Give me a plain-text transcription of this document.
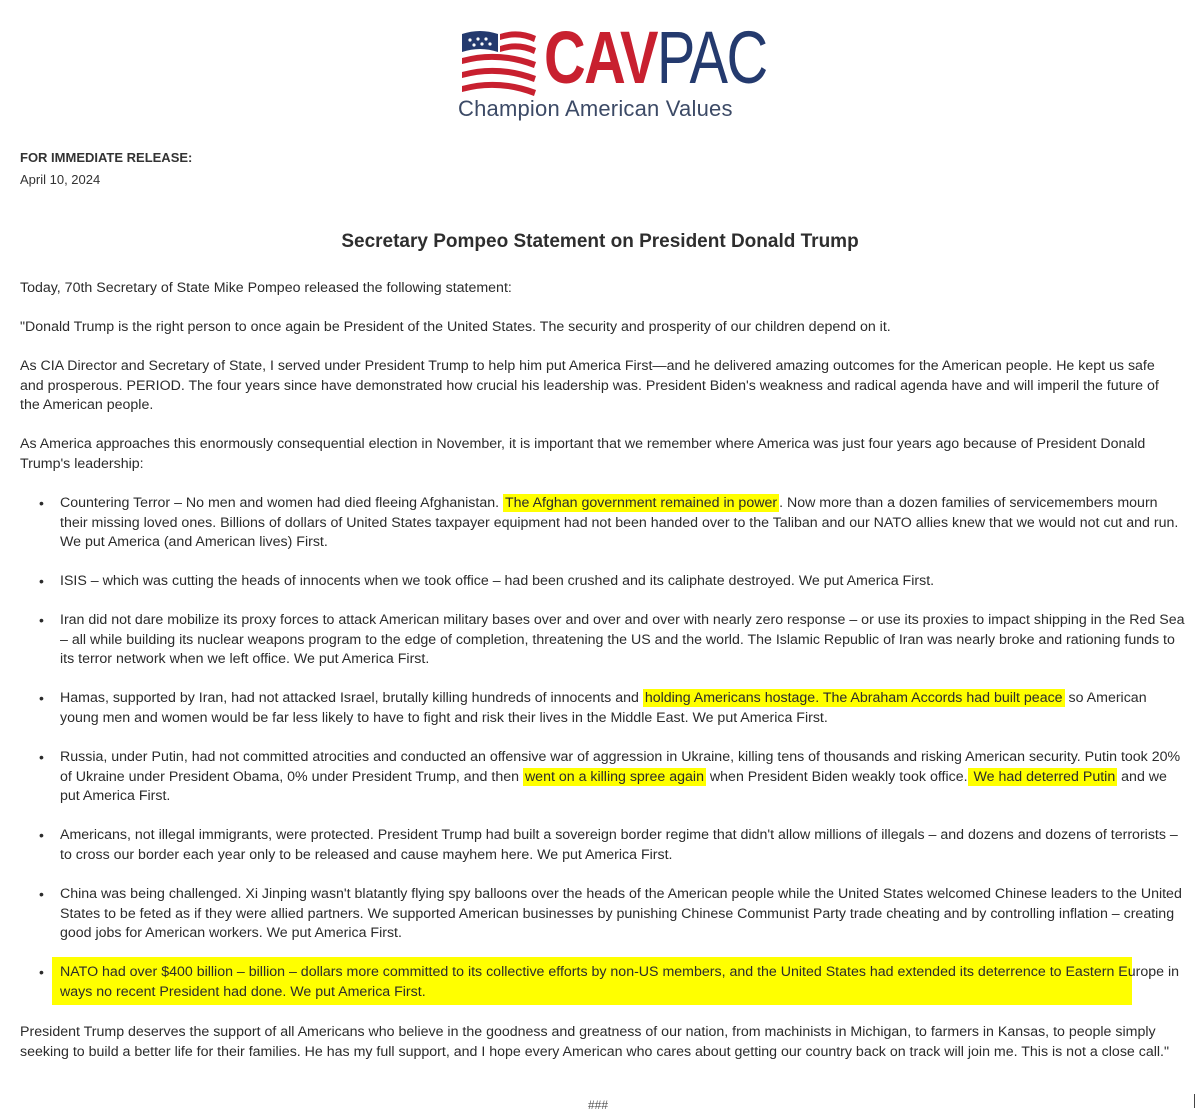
CAVPAC
Champion American Values
FOR IMMEDIATE RELEASE:
April 10, 2024
Secretary Pompeo Statement on President Donald Trump

Today, 70th Secretary of State Mike Pompeo released the following statement:

"Donald Trump is the right person to once again be President of the United States. The security and prosperity of our children depend on it.

As CIA Director and Secretary of State, I served under President Trump to help him put America First—and he delivered amazing outcomes for the American people. He kept us safe and prosperous. PERIOD. The four years since have demonstrated how crucial his leadership was. President Biden's weakness and radical agenda have and will imperil the future of the American people.

As America approaches this enormously consequential election in November, it is important that we remember where America was just four years ago because of President Donald Trump's leadership:

• Countering Terror – No men and women had died fleeing Afghanistan. The Afghan government remained in power . Now more than a dozen families of servicemembers mourn their missing loved ones. Billions of dollars of United States taxpayer equipment had not been handed over to the Taliban and our NATO allies knew that we would not cut and run. We put America (and American lives) First.
• ISIS – which was cutting the heads of innocents when we took office – had been crushed and its caliphate destroyed. We put America First.
• Iran did not dare mobilize its proxy forces to attack American military bases over and over and over with nearly zero response – or use its proxies to impact shipping in the Red Sea – all while building its nuclear weapons program to the edge of completion, threatening the US and the world. The Islamic Republic of Iran was nearly broke and rationing funds to its terror network when we left office. We put America First.
• Hamas, supported by Iran, had not attacked Israel, brutally killing hundreds of innocents and holding Americans hostage. The Abraham Accords had built peace so American young men and women would be far less likely to have to fight and risk their lives in the Middle East. We put America First.
• Russia, under Putin, had not committed atrocities and conducted an offensive war of aggression in Ukraine, killing tens of thousands and risking American security. Putin took 20% of Ukraine under President Obama, 0% under President Trump, and then went on a killing spree again when President Biden weakly took office. We had deterred Putin and we put America First.
• Americans, not illegal immigrants, were protected. President Trump had built a sovereign border regime that didn't allow millions of illegals – and dozens and dozens of terrorists – to cross our border each year only to be released and cause mayhem here. We put America First.
• China was being challenged. Xi Jinping wasn't blatantly flying spy balloons over the heads of the American people while the United States welcomed Chinese leaders to the United States to be feted as if they were allied partners. We supported American businesses by punishing Chinese Communist Party trade cheating and by controlling inflation – creating good jobs for American workers. We put America First.
• NATO had over $400 billion – billion – dollars more committed to its collective efforts by non-US members, and the United States had extended its deterrence to Eastern Europe in ways no recent President had done. We put America First.

President Trump deserves the support of all Americans who believe in the goodness and greatness of our nation, from machinists in Michigan, to farmers in Kansas, to people simply seeking to build a better life for their families. He has my full support, and I hope every American who cares about getting our country back on track will join me. This is not a close call."

###
